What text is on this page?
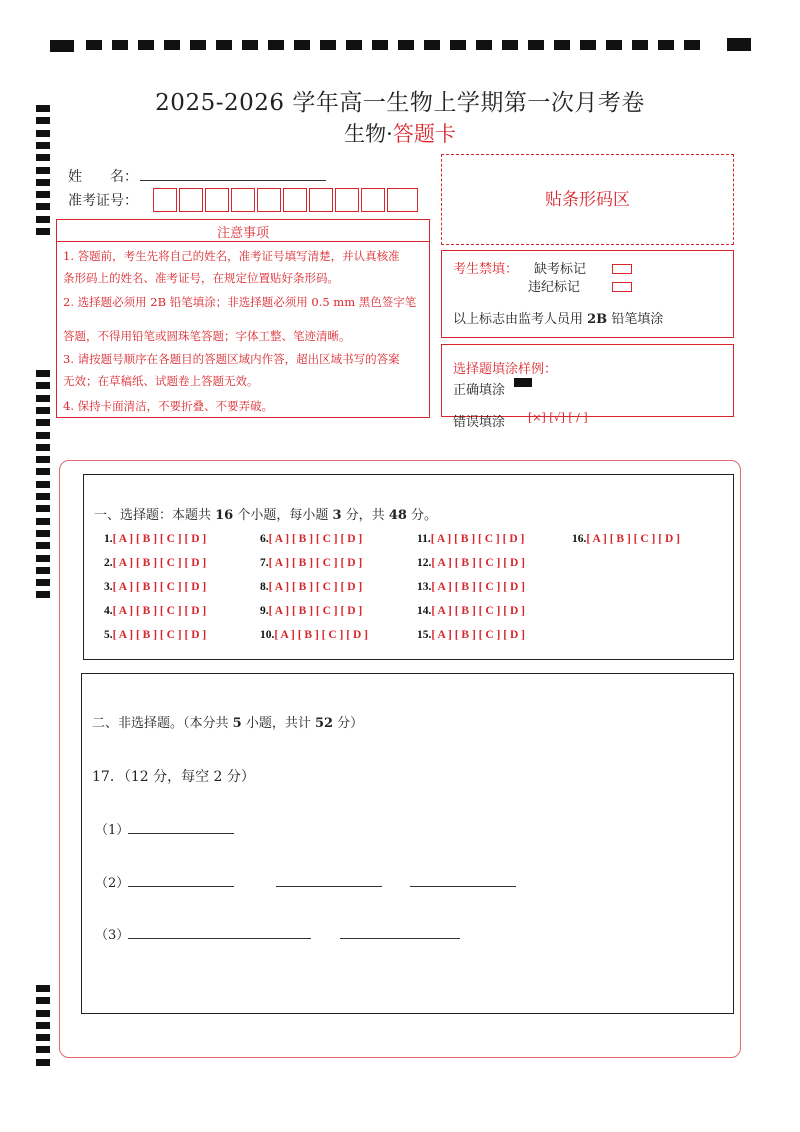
2025-2026 学年高一生物上学期第一次月考卷
生物·答题卡
姓　　名：
准考证号：	贴条形码区
注意事项

1. 答题前，考生先将自己的姓名，准考证号填写清楚，并认真核准

条形码上的姓名、准考证号，在规定位置贴好条形码。

2. 选择题必须用 2B 铅笔填涂；非选择题必须用 0.5 mm 黑色签字笔

答题，不得用铅笔或圆珠笔答题；字体工整、笔迹清晰。

3. 请按题号顺序在各题目的答题区域内作答，超出区域书写的答案

无效；在草稿纸、试题卷上答题无效。

4. 保持卡面清洁，不要折叠、不要弄破。

考生禁填： 缺考标记
违纪标记
以上标志由监考人员用 2B 铅笔填涂
选择题填涂样例：
正确填涂
错误填涂 [×] [√] [ / ]
一、选择题：本题共 16 个小题，每小题 3 分，共 48 分。
1.[ A ] [ B ] [ C ] [ D ]
2.[ A ] [ B ] [ C ] [ D ]
3.[ A ] [ B ] [ C ] [ D ]
4.[ A ] [ B ] [ C ] [ D ]
5.[ A ] [ B ] [ C ] [ D ]
6.[ A ] [ B ] [ C ] [ D ]
7.[ A ] [ B ] [ C ] [ D ]
8.[ A ] [ B ] [ C ] [ D ]
9.[ A ] [ B ] [ C ] [ D ]
10.[ A ] [ B ] [ C ] [ D ]
11.[ A ] [ B ] [ C ] [ D ]
12.[ A ] [ B ] [ C ] [ D ]
13.[ A ] [ B ] [ C ] [ D ]
14.[ A ] [ B ] [ C ] [ D ]
15.[ A ] [ B ] [ C ] [ D ]
16.[ A ] [ B ] [ C ] [ D ]
二、非选择题。（本分共 5 小题，共计 52 分）
17．（12 分，每空 2 分）
（1）
（2）
（3）
